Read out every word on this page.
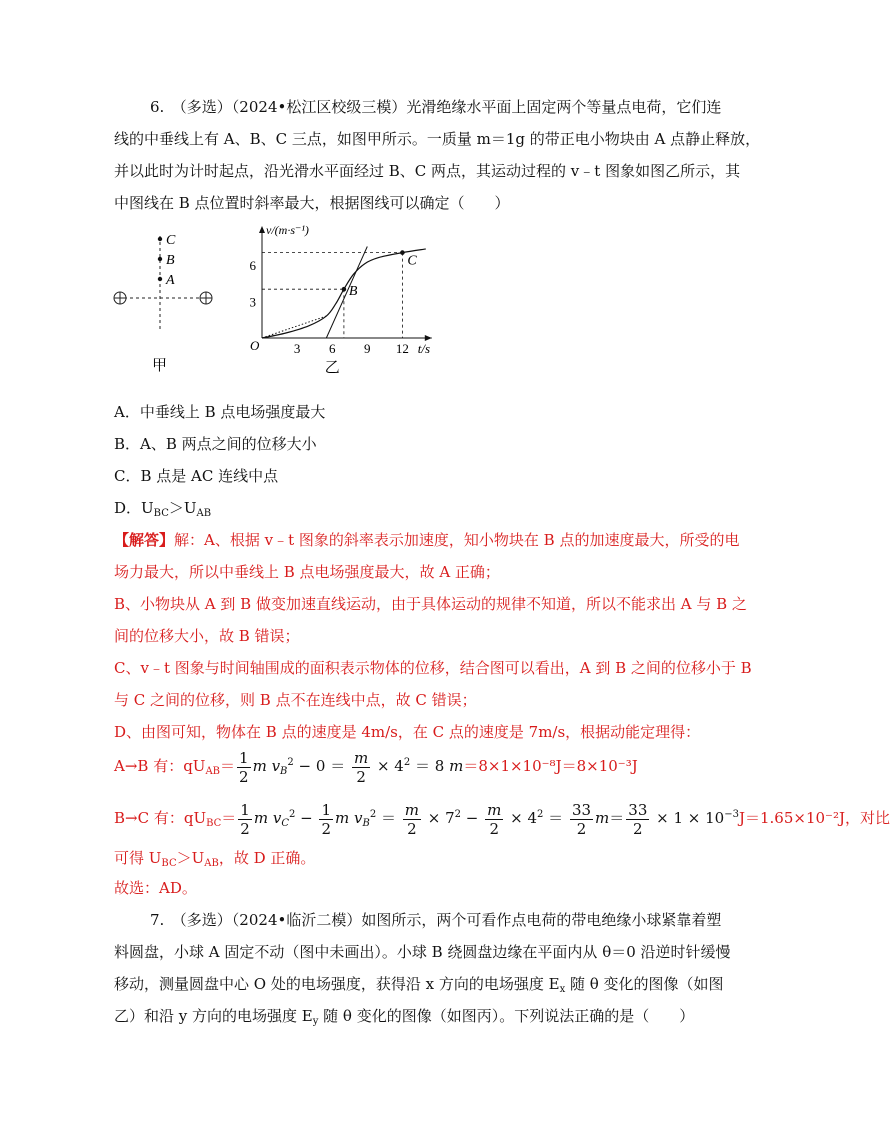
6.　（多选）（2024•松江区校级三模）光滑绝缘水平面上固定两个等量点电荷，它们连
线的中垂线上有 A、B、C 三点，如图甲所示。一质量 m＝1g 的带正电小物块由 A 点静止释放，
并以此时为计时起点，沿光滑水平面经过 B、C 两点，其运动过程的 v﹣t 图象如图乙所示，其
中图线在 B 点位置时斜率最大，根据图线可以确定（　　）
C
B
A
甲
v/(m·s⁻¹)
t/s
O	3 6 9 12
3
6
B
C
乙
A．中垂线上 B 点电场强度最大
B．A、B 两点之间的位移大小
C．B 点是 AC 连线中点
D．$U_{BC}>U_{AB}$
【解答】解：A、根据 v﹣t 图象的斜率表示加速度，知小物块在 B 点的加速度最大，所受的电
场力最大，所以中垂线上 B 点电场强度最大，故 A 正确；
B、小物块从 A 到 B 做变加速直线运动，由于具体运动的规律不知道，所以不能求出 A 与 B 之
间的位移大小，故 B 错误；
C、v﹣t 图象与时间轴围成的面积表示物体的位移，结合图可以看出，A 到 B 之间的位移小于 B
与 C 之间的位移，则 B 点不在连线中点，故 C 错误；
D、由图可知，物体在 B 点的速度是 4m/s，在 C 点的速度是 7m/s，根据动能定理得：
A→B 有：$qU_{AB}= \frac{1}{2}$ m $v_B^2 - 0 = \frac{m}{2} \times 4^2 = 8$ m＝8×1×10⁻⁸J＝8×10⁻³J
B→C 有：$qU_{BC}= \frac{1}{2}$ m $v_C^2 - \frac{1}{2}$ m $v_B^2 = \frac{m}{2} \times 7^2 - \frac{m}{2} \times 4^2 = \frac{33}{2} m= \frac{33}{2} \times 1 \times 10^{-3}J=1.65\times 10^{-2}J$，对比
可得 $U_{BC}>U_{AB}$，故 D 正确。
故选：AD。
7.　（多选）（2024•临沂二模）如图所示，两个可看作点电荷的带电绝缘小球紧靠着塑
料圆盘，小球 A 固定不动（图中未画出）。小球 B 绕圆盘边缘在平面内从 θ＝0 沿逆时针缓慢
移动，测量圆盘中心 O 处的电场强度，获得沿 x 方向的电场强度 $E_x$ 随 θ 变化的图像（如图
乙）和沿 y 方向的电场强度 $E_y$ 随 θ 变化的图像（如图丙）。下列说法正确的是（　　）
